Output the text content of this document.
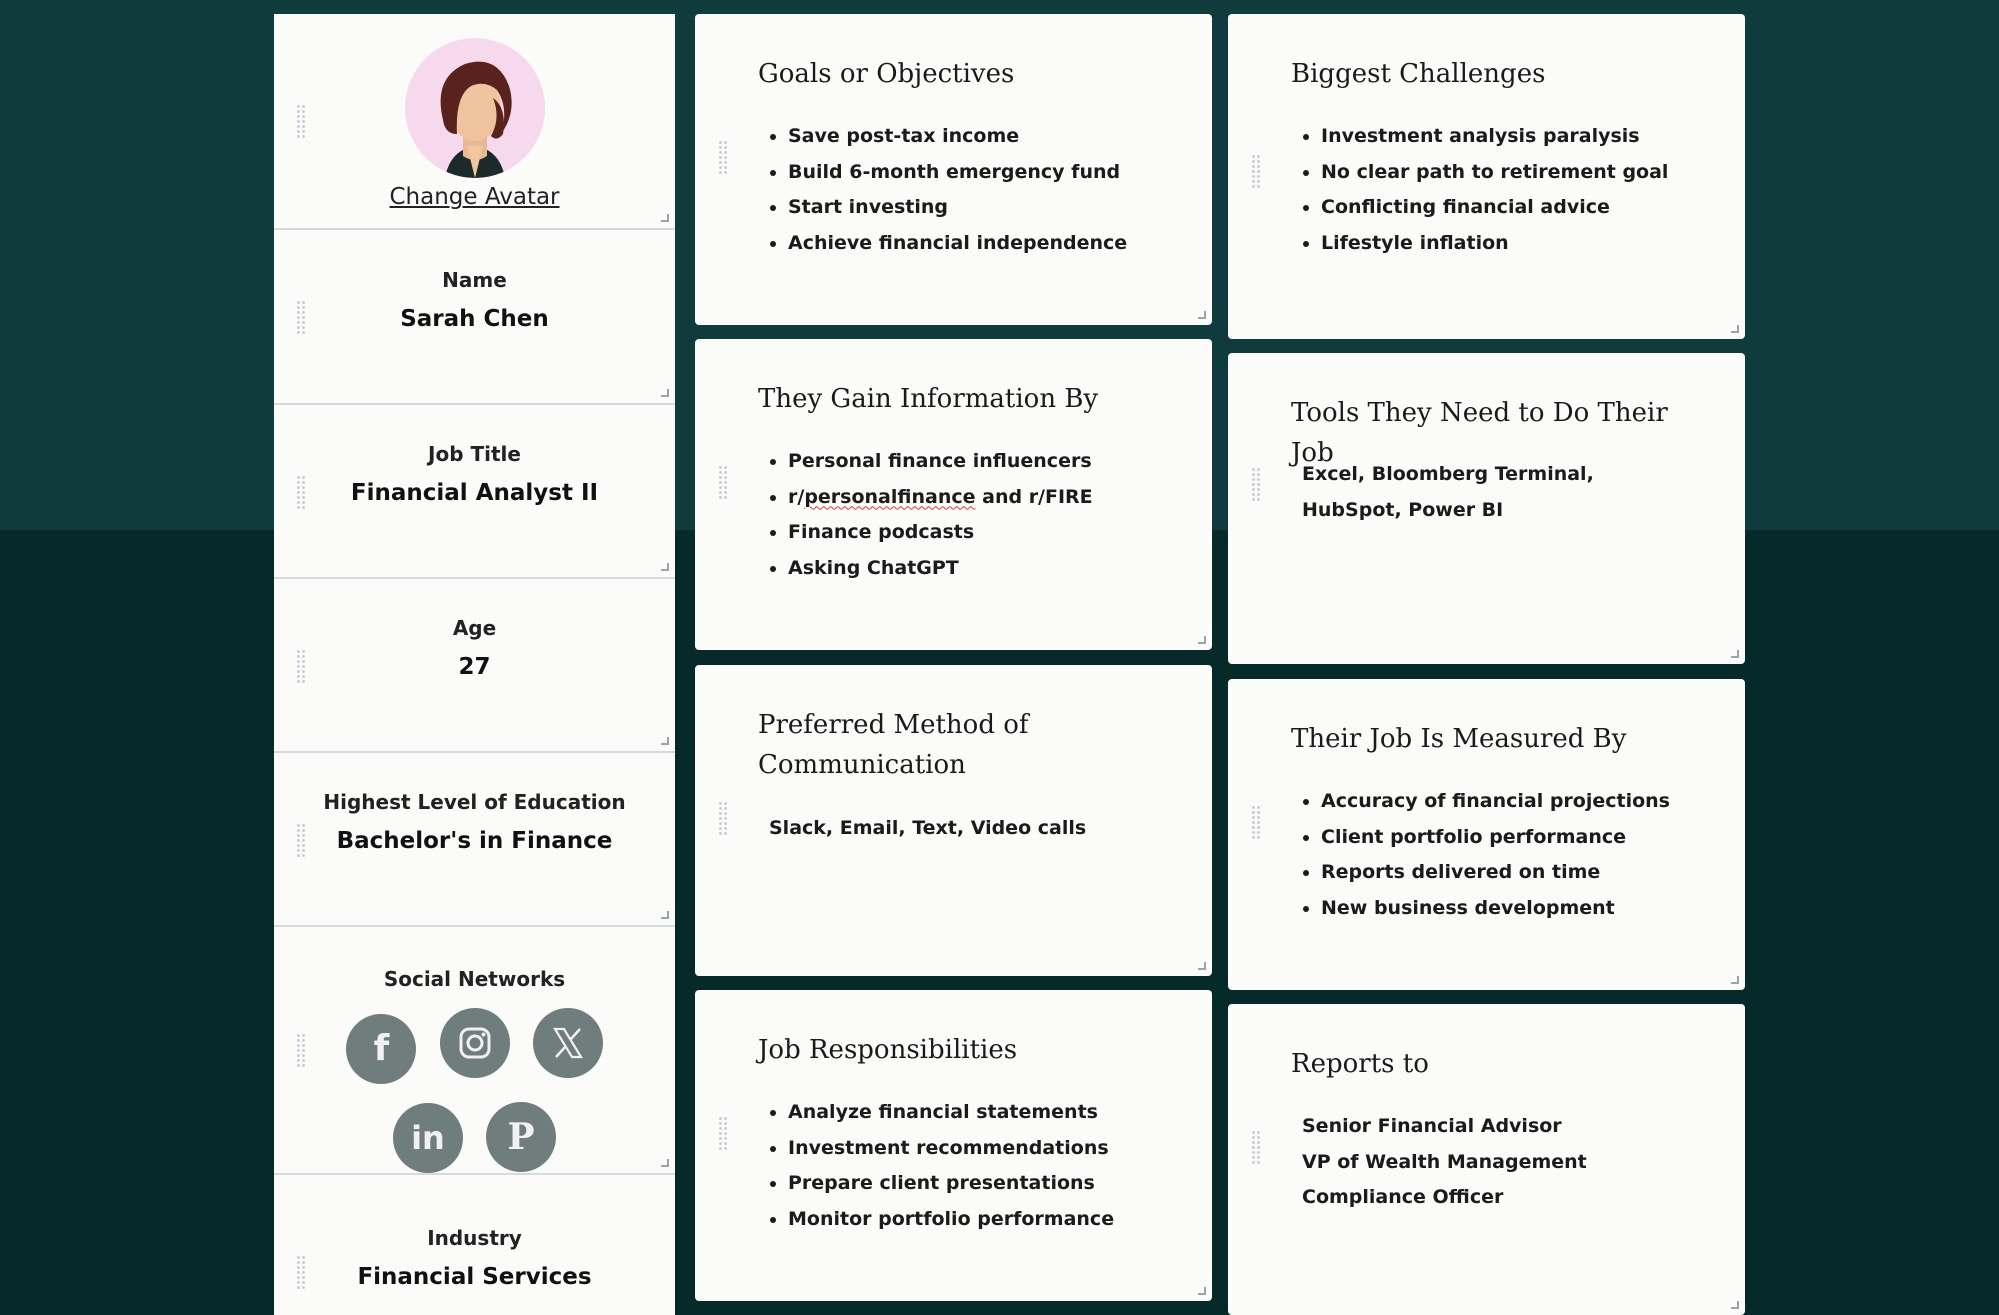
Change Avatar
Name
Sarah Chen
Job Title
Financial Analyst II
Age
27
Highest Level of Education
Bachelor's in Finance
Social Networks
f

in P
Industry
Financial Services
Goals or Objectives
• Save post-tax income
• Build 6-month emergency fund
• Start investing
• Achieve financial independence
They Gain Information By
• Personal finance influencers
• r/personalfinance and r/FIRE
• Finance podcasts
• Asking ChatGPT
Preferred Method of Communication
Slack, Email, Text, Video calls
Job Responsibilities
• Analyze financial statements
• Investment recommendations
• Prepare client presentations
• Monitor portfolio performance
Biggest Challenges
• Investment analysis paralysis
• No clear path to retirement goal
• Conflicting financial advice
• Lifestyle inflation
Tools They Need to Do Their Job
Excel, Bloomberg Terminal, HubSpot, Power BI
Their Job Is Measured By
• Accuracy of financial projections
• Client portfolio performance
• Reports delivered on time
• New business development
Reports to
Senior Financial Advisor
VP of Wealth Management
Compliance Officer
